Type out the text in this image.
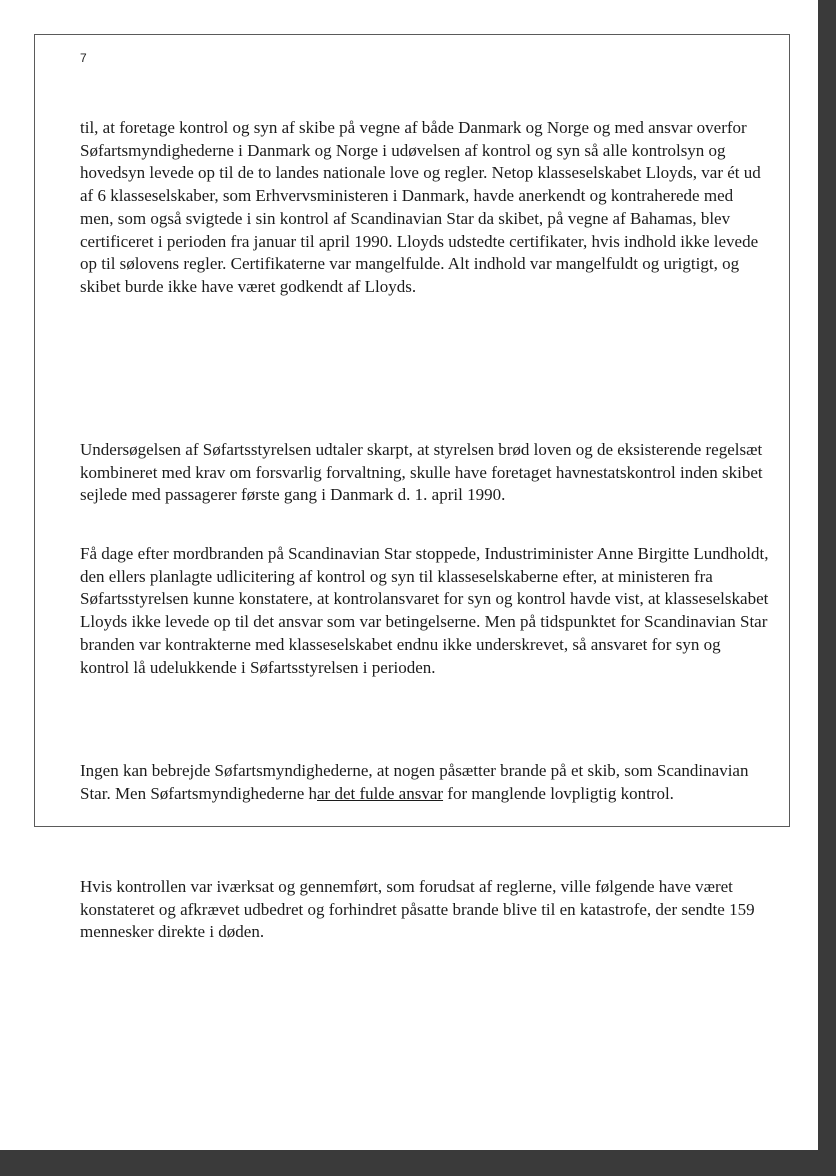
7

til, at foretage kontrol og syn af skibe på vegne af både Danmark og Norge og med ansvar overfor Søfartsmyndighederne i Danmark og Norge i udøvelsen af kontrol og syn så alle kontrolsyn og hovedsyn levede op til de to landes nationale love og regler. Netop klasseselskabet Lloyds, var ét ud af 6 klasseselskaber, som Erhvervsministeren i Danmark, havde anerkendt og kontraherede med men, som også svigtede i sin kontrol af Scandinavian Star da skibet, på vegne af Bahamas, blev certificeret i perioden fra januar til april 1990. Lloyds udstedte certifikater, hvis indhold ikke levede op til sølovens regler. Certifikaterne var mangelfulde. Alt indhold var mangelfuldt og urigtigt, og skibet burde ikke have været godkendt af Lloyds.

Undersøgelsen af Søfartsstyrelsen udtaler skarpt, at styrelsen brød loven og de eksisterende regelsæt kombineret med krav om forsvarlig forvaltning, skulle have foretaget havnestatskontrol inden skibet sejlede med passagerer første gang i Danmark d. 1. april 1990.

Få dage efter mordbranden på Scandinavian Star stoppede, Industriminister Anne Birgitte Lundholdt, den ellers planlagte udlicitering af kontrol og syn til klasseselskaberne efter, at ministeren fra Søfartsstyrelsen kunne konstatere, at kontrolansvaret for syn og kontrol havde vist, at klasseselskabet Lloyds ikke levede op til det ansvar som var betingelserne. Men på tidspunktet for Scandinavian Star branden var kontrakterne med klasseselskabet endnu ikke underskrevet, så ansvaret for syn og kontrol lå udelukkende i Søfartsstyrelsen i perioden.

Ingen kan bebrejde Søfartsmyndighederne, at nogen påsætter brande på et skib, som Scandinavian Star. Men Søfartsmyndighederne har det fulde ansvar for manglende lovpligtig kontrol.

Hvis kontrollen var iværksat og gennemført, som forudsat af reglerne, ville følgende have været konstateret og afkrævet udbedret og forhindret påsatte brande blive til en katastrofe, der sendte 159 mennesker direkte i døden.
